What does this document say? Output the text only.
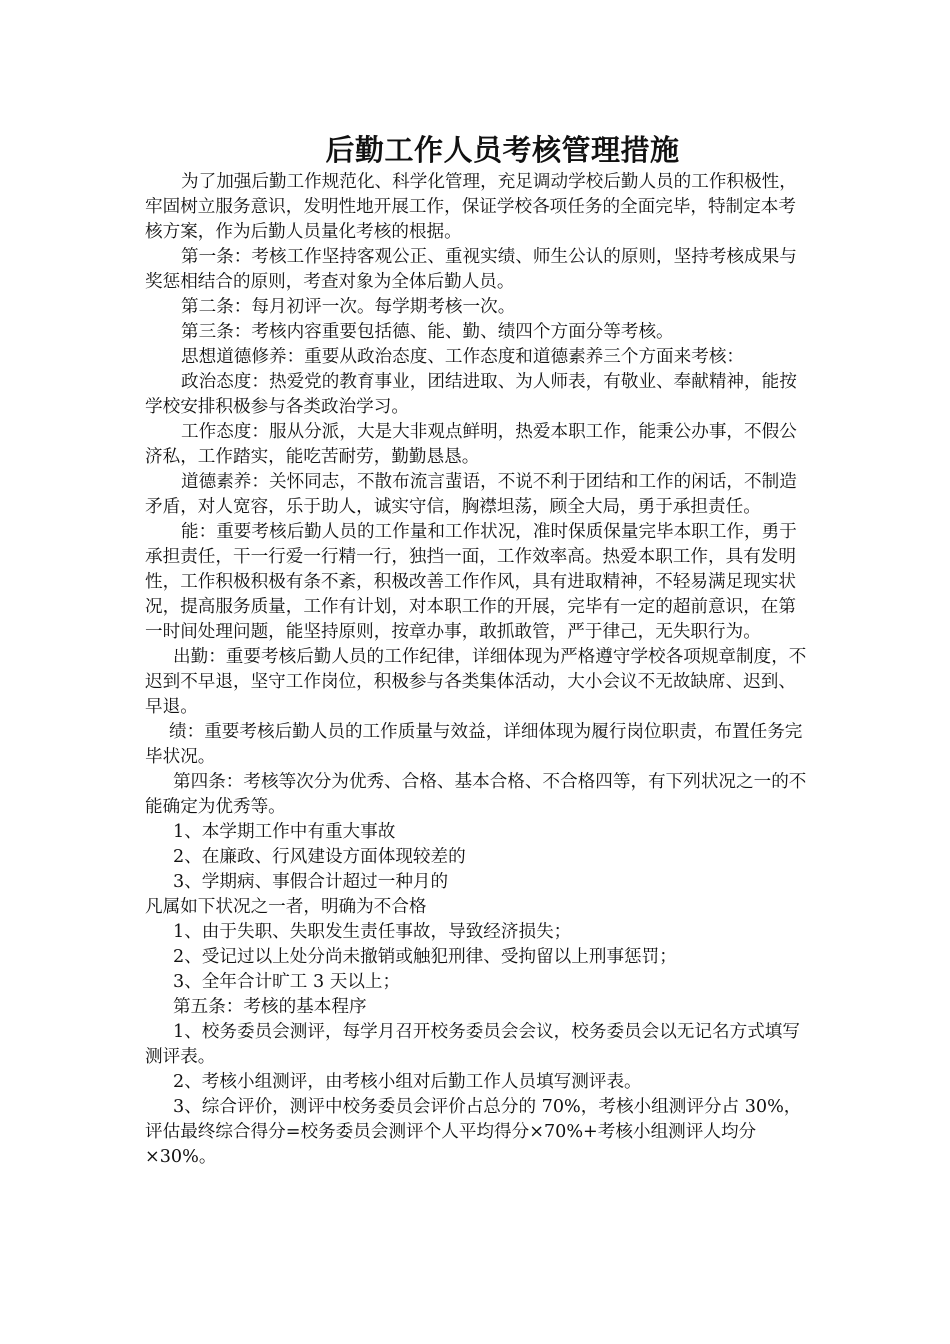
后勤工作人员考核管理措施

为了加强后勤工作规范化、科学化管理，充足调动学校后勤人员的工作积极性，牢固树立服务意识，发明性地开展工作，保证学校各项任务的全面完毕，特制定本考核方案，作为后勤人员量化考核的根据。

第一条：考核工作坚持客观公正、重视实绩、师生公认的原则，坚持考核成果与奖惩相结合的原则，考查对象为全体后勤人员。

第二条：每月初评一次。每学期考核一次。

第三条：考核内容重要包括德、能、勤、绩四个方面分等考核。

思想道德修养：重要从政治态度、工作态度和道德素养三个方面来考核：

政治态度：热爱党的教育事业，团结进取、为人师表，有敬业、奉献精神，能按学校安排积极参与各类政治学习。

工作态度：服从分派，大是大非观点鲜明，热爱本职工作，能秉公办事，不假公济私，工作踏实，能吃苦耐劳，勤勤恳恳。

道德素养：关怀同志，不散布流言蜚语，不说不利于团结和工作的闲话，不制造矛盾，对人宽容，乐于助人，诚实守信，胸襟坦荡，顾全大局，勇于承担责任。

能：重要考核后勤人员的工作量和工作状况，准时保质保量完毕本职工作，勇于承担责任，干一行爱一行精一行，独挡一面，工作效率高。热爱本职工作，具有发明性，工作积极积极有条不紊，积极改善工作作风，具有进取精神，不轻易满足现实状况，提高服务质量，工作有计划，对本职工作的开展，完毕有一定的超前意识，在第一时间处理问题，能坚持原则，按章办事，敢抓敢管，严于律己，无失职行为。

出勤：重要考核后勤人员的工作纪律，详细体现为严格遵守学校各项规章制度，不迟到不早退，坚守工作岗位，积极参与各类集体活动，大小会议不无故缺席、迟到、早退。

绩：重要考核后勤人员的工作质量与效益，详细体现为履行岗位职责，布置任务完毕状况。

第四条：考核等次分为优秀、合格、基本合格、不合格四等，有下列状况之一的不能确定为优秀等。

1、本学期工作中有重大事故

2、在廉政、行风建设方面体现较差的

3、学期病、事假合计超过一种月的

凡属如下状况之一者，明确为不合格

1、由于失职、失职发生责任事故，导致经济损失；

2、受记过以上处分尚未撤销或触犯刑律、受拘留以上刑事惩罚；

3、全年合计旷工 3 天以上；

第五条：考核的基本程序

1、校务委员会测评，每学月召开校务委员会会议，校务委员会以无记名方式填写测评表。

2、考核小组测评，由考核小组对后勤工作人员填写测评表。

3、综合评价，测评中校务委员会评价占总分的 70%，考核小组测评分占 30%，评估最终综合得分=校务委员会测评个人平均得分×70%+考核小组测评人均分×30%。
